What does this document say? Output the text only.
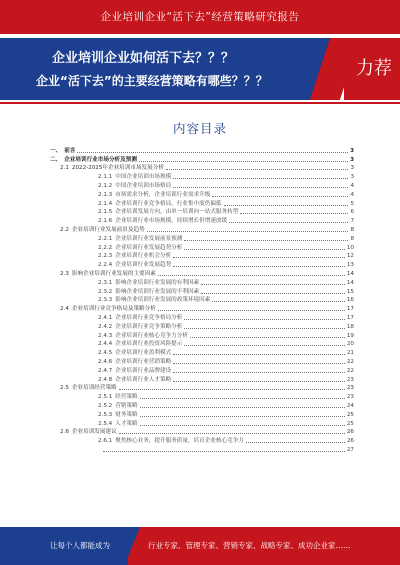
企业培训企业“活下去”经营策略研究报告
企业培训企业如何活下去？？？
企业“活下去”的主要经营策略有哪些？？？
力荐
内容目录
一、 前言	3
二、 企业培训行业市场分析及预测	3
2.1 2022-2025年企业培训市场发展分析	3
2.1.1 中国企业培训市场规模	3
2.1.2 中国企业培训市场格局	4
2.1.3 市场需求分析，企业培训行业需求升级	4
2.1.4 企业培训行业竞争格局，行业集中度仍偏低	5
2.1.5 企业培训发展方向，由单一培训向一站式服务转型	6
2.1.6 企业培训行业市场规模，持续增长但增速放缓	7
2.2 企业培训行业发展前景及趋势	8
2.2.1 企业培训行业发展前景预测	8
2.2.2 企业培训行业发展趋势分析	10
2.2.3 企业培训行业机会分析	12
2.2.4 企业培训行业发展趋势	13
2.3 影响企业培训行业发展的主要因素	14
2.3.1 影响企业培训行业发展的有利因素	14
2.3.2 影响企业培训行业发展的不利因素	15
2.3.3 影响企业培训行业发展的政策环境因素	16
2.4 企业培训行业竞争格局及策略分析	17
2.4.1 企业培训行业竞争格局分析	17
2.4.2 企业培训行业竞争策略分析	18
2.4.3 企业培训行业核心竞争力分析	19
2.4.4 企业培训行业投资风险提示	20
2.4.5 企业培训行业盈利模式	21
2.4.6 企业培训行业营销策略	22
2.4.7 企业培训行业品牌建设	22
2.4.8 企业培训行业人才策略	23
2.5 企业培训经营策略	23
2.5.1 经营策略	23
2.5.2 营销策略	24
2.5.3 财务策略	25
2.5.4 人才策略	25
2.6 企业培训发展建议	26
2.6.1 聚焦核心业务，提升服务质量，培育企业核心竞争力	26
27
让每个人都能成为	行业专家、管理专家、营销专家、战略专家、成功企业家……
